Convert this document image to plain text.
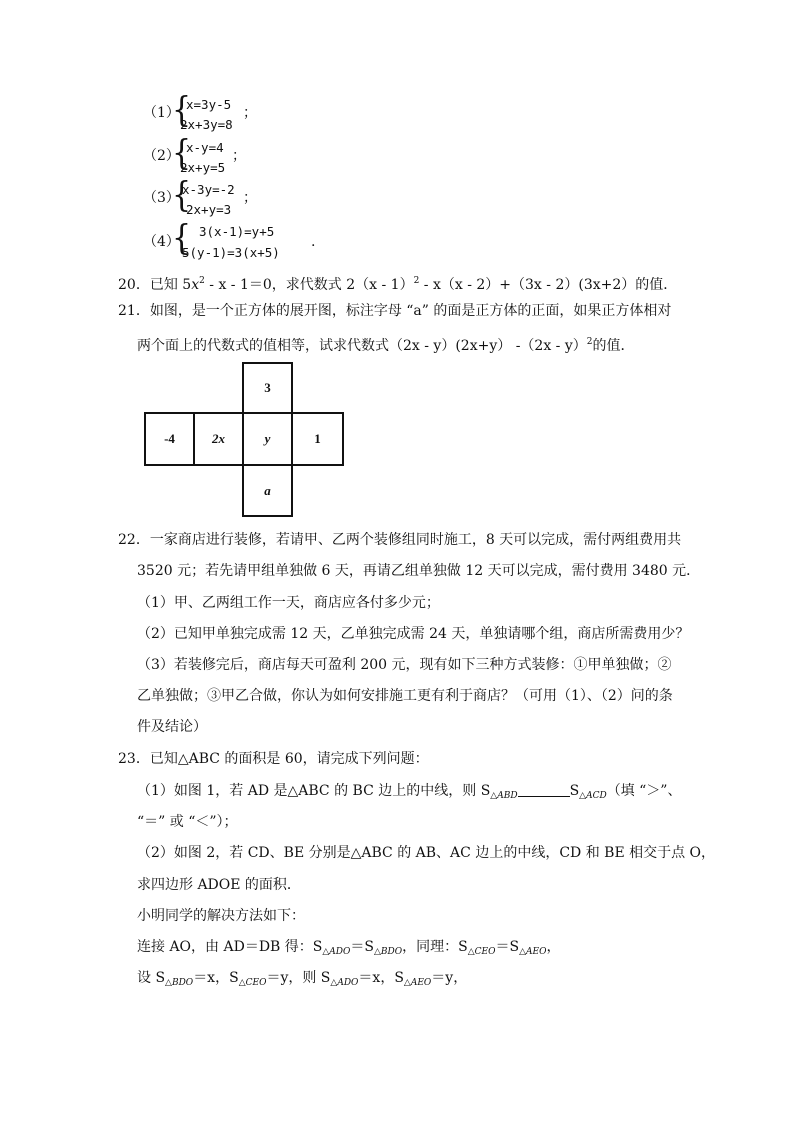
（1）
{
x=3y-5
2x+3y=8
；
（2）
{
x-y=4
2x+y=5
；
（3）
{
x-3y=-2
2x+y=3
；
（4）
{ 3(x-1)=y+5
5(y-1)=3(x+5)
.
20．已知 $5x^2 - x - 1=0$，求代数式 2（x - 1）$^2$ - x（x - 2）+（3x - 2）(3x+2）的值．
21．如图，是一个正方体的展开图，标注字母 “a” 的面是正方体的正面，如果正方体相对
两个面上的代数式的值相等，试求代数式（2x - y）(2x+y） -（2x - y）$^2$的值．
3
-4	2x	y	1
a
22．一家商店进行装修，若请甲、乙两个装修组同时施工，8 天可以完成，需付两组费用共
3520 元；若先请甲组单独做 6 天，再请乙组单独做 12 天可以完成，需付费用 3480 元．
（1）甲、乙两组工作一天，商店应各付多少元；
（2）已知甲单独完成需 12 天，乙单独完成需 24 天，单独请哪个组，商店所需费用少？
（3）若装修完后，商店每天可盈利 200 元，现有如下三种方式装修：①甲单独做；②
乙单独做；③甲乙合做，你认为如何安排施工更有利于商店？（可用（1）、（2）问的条
件及结论）
23．已知△ABC 的面积是 60，请完成下列问题：
（1）如图 1，若 AD 是△ABC 的 BC 边上的中线，则 $S_{\triangle ABD}$	$S_{\triangle ACD}$（填 “＞”、
“＝” 或 “＜”）；
（2）如图 2，若 CD、BE 分别是△ABC 的 AB、AC 边上的中线，CD 和 BE 相交于点 O，
求四边形 ADOE 的面积．
小明同学的解决方法如下：
连接 AO，由 AD＝DB 得：$S_{\triangle ADO}=S_{\triangle BDO}$，同理：$S_{\triangle CEO}=S_{\triangle AEO}$，
设 $S_{\triangle BDO}=x$，$S_{\triangle CEO}=y$，则 $S_{\triangle ADO}=x$，$S_{\triangle AEO}=y$，
